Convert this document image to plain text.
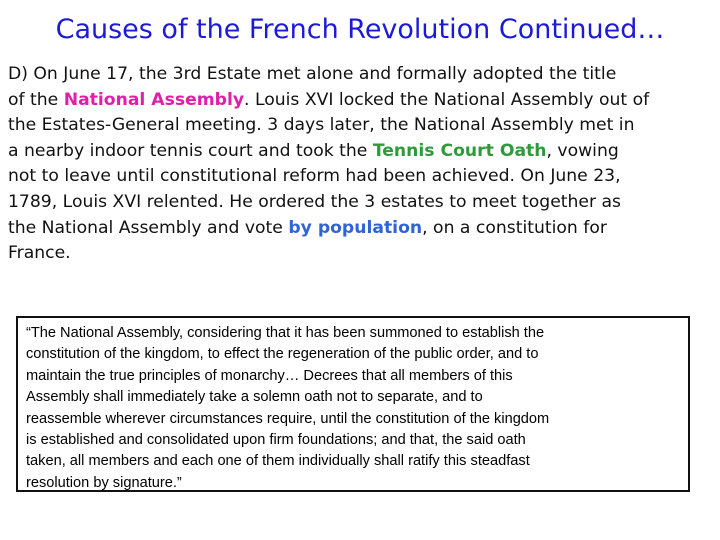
Causes of the French Revolution Continued…
D) On June 17, the 3rd Estate met alone and formally adopted the title
of the National Assembly. Louis XVI locked the National Assembly out of
the Estates-General meeting. 3 days later, the National Assembly met in
a nearby indoor tennis court and took the Tennis Court Oath, vowing
not to leave until constitutional reform had been achieved. On June 23,
1789, Louis XVI relented. He ordered the 3 estates to meet together as
the National Assembly and vote by population, on a constitution for
France.
“The National Assembly, considering that it has been summoned to establish the
constitution of the kingdom, to effect the regeneration of the public order, and to
maintain the true principles of monarchy… Decrees that all members of this
Assembly shall immediately take a solemn oath not to separate, and to
reassemble wherever circumstances require, until the constitution of the kingdom
is established and consolidated upon firm foundations; and that, the said oath
taken, all members and each one of them individually shall ratify this steadfast
resolution by signature.”
